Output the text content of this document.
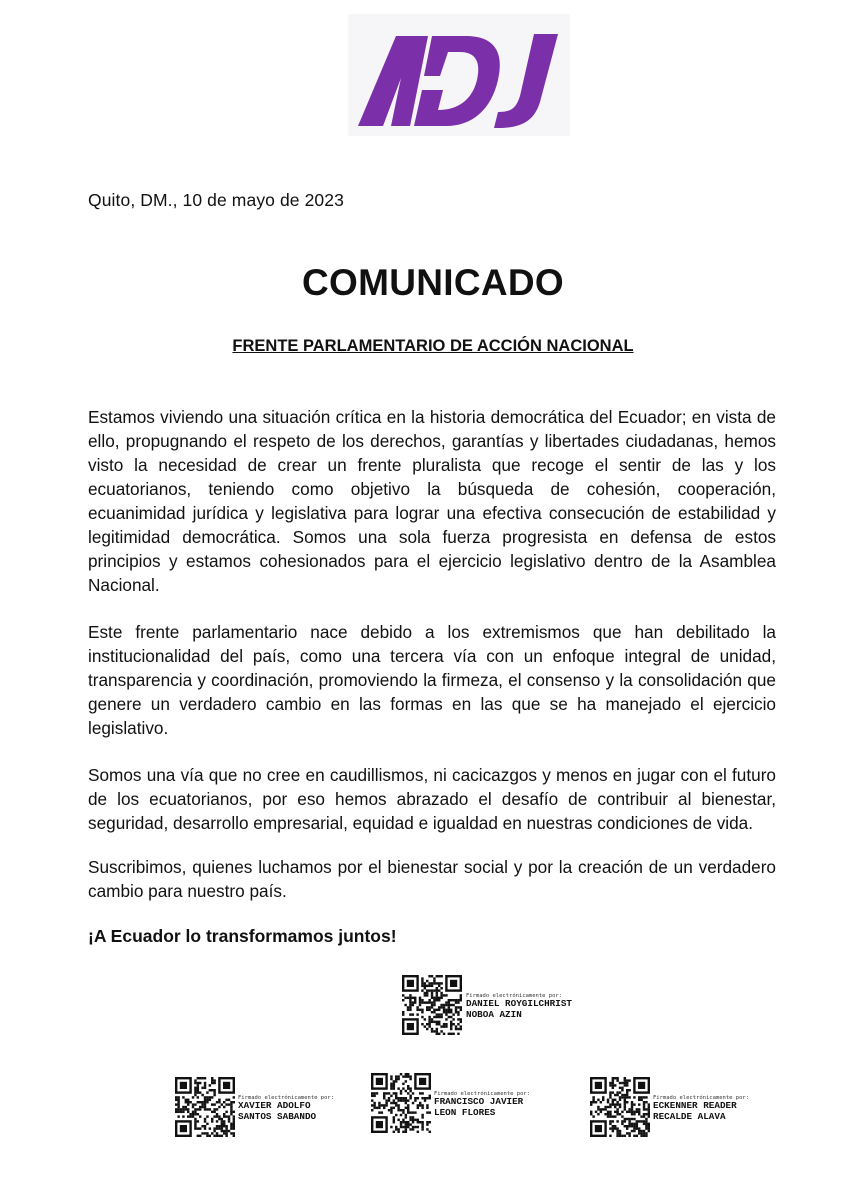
Quito, DM., 10 de mayo de 2023
COMUNICADO
FRENTE PARLAMENTARIO DE ACCIÓN NACIONAL

Estamos viviendo una situación crítica en la historia democrática del Ecuador; en vista de ello, propugnando el respeto de los derechos, garantías y libertades ciudadanas, hemos visto la necesidad de crear un frente pluralista que recoge el sentir de las y los ecuatorianos, teniendo como objetivo la búsqueda de cohesión, cooperación, ecuanimidad jurídica y legislativa para lograr una efectiva consecución de estabilidad y legitimidad democrática. Somos una sola fuerza progresista en defensa de estos principios y estamos cohesionados para el ejercicio legislativo dentro de la Asamblea Nacional.

Este frente parlamentario nace debido a los extremismos que han debilitado la institucionalidad del país, como una tercera vía con un enfoque integral de unidad, transparencia y coordinación, promoviendo la firmeza, el consenso y la consolidación que genere un verdadero cambio en las formas en las que se ha manejado el ejercicio legislativo.

Somos una vía que no cree en caudillismos, ni cacicazgos y menos en jugar con el futuro de los ecuatorianos, por eso hemos abrazado el desafío de contribuir al bienestar, seguridad, desarrollo empresarial, equidad e igualdad en nuestras condiciones de vida.

Suscribimos, quienes luchamos por el bienestar social y por la creación de un verdadero cambio para nuestro país.

¡A Ecuador lo transformamos juntos!
Firmado electrónicamente por:
DANIEL ROYGILCHRIST
NOBOA AZIN
Firmado electrónicamente por:
XAVIER ADOLFO
SANTOS SABANDO
Firmado electrónicamente por:
FRANCISCO JAVIER
LEON FLORES
Firmado electrónicamente por:
ECKENNER READER
RECALDE ALAVA
